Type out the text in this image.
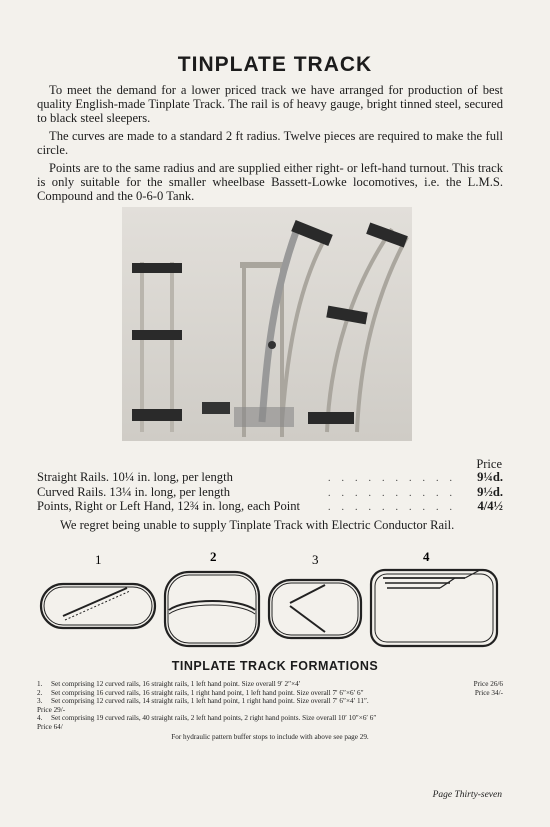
TINPLATE TRACK

To meet the demand for a lower priced track we have arranged for production of best quality English-made Tinplate Track. The rail is of heavy gauge, bright tinned steel, secured to black steel sleepers.

The curves are made to a standard 2 ft radius. Twelve pieces are required to make the full circle.

Points are to the same radius and are supplied either right- or left-hand turnout. This track is only suitable for the smaller wheelbase Bassett-Lowke locomotives, i.e. the L.M.S. Compound and the 0-6-0 Tank.

Price
Straight Rails. 10¼ in. long, per length	..........	9¼d.
Curved Rails. 13¼ in. long, per length	..........	9½d.
Points, Right or Left Hand, 12¾ in. long, each Point	..........	4/4½
We regret being unable to supply Tinplate Track with Electric Conductor Rail.
1	2	3	4
TINPLATE TRACK FORMATIONS
1.	Set comprising 12 curved rails, 16 straight rails, 1 left hand point. Size overall 9′ 2″×4′	Price 26/6
2.	Set comprising 16 curved rails, 16 straight rails, 1 right hand point, 1 left hand point. Size overall 7′ 6″×6′ 6″	Price 34/-
3.	Set comprising 12 curved rails, 14 straight rails, 1 left hand point, 1 right hand point. Size overall 7′ 6″×4′ 11″.
Price 29/-
4.	Set comprising 19 curved rails, 40 straight rails, 2 left hand points, 2 right hand points. Size overall 10′ 10″×6′ 6″
Price 64/
For hydraulic pattern buffer stops to include with above see page 29.
Page Thirty-seven
